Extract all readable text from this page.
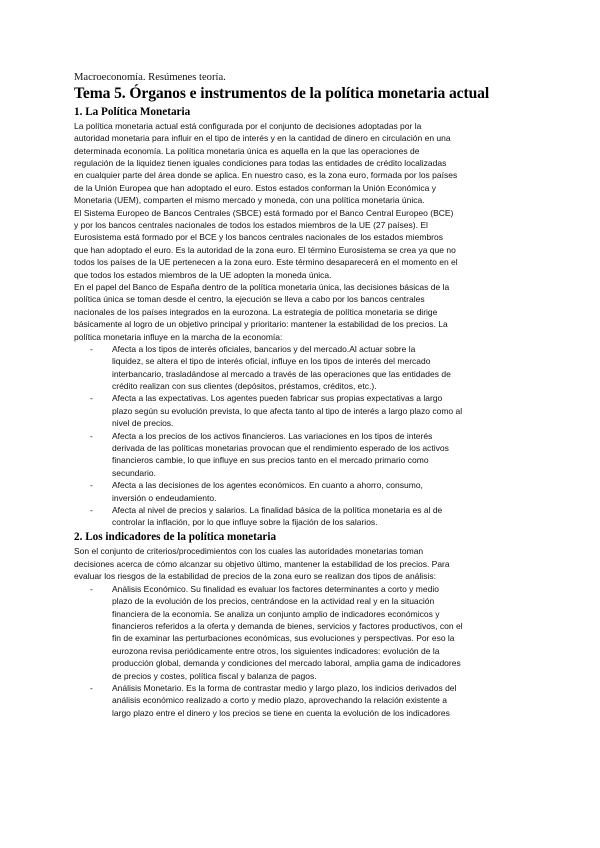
Macroeconomía. Resúmenes teoría.
Tema 5. Órganos e instrumentos de la política monetaria actual
1. La Política Monetaria
La política monetaria actual está configurada por el conjunto de decisiones adoptadas por la
autoridad monetaria para influir en el tipo de interés y en la cantidad de dinero en circulación en una
determinada economía. La política monetaria única es aquella en la que las operaciones de
regulación de la liquidez tienen iguales condiciones para todas las entidades de crédito localizadas
en cualquier parte del área donde se aplica. En nuestro caso, es la zona euro, formada por los países
de la Unión Europea que han adoptado el euro. Estos estados conforman la Unión Económica y
Monetaria (UEM), comparten el mismo mercado y moneda, con una política monetaria única.
El Sistema Europeo de Bancos Centrales (SBCE) está formado por el Banco Central Europeo (BCE)
y por los bancos centrales nacionales de todos los estados miembros de la UE (27 países). El
Eurosistema está formado por el BCE y los bancos centrales nacionales de los estados miembros
que han adoptado el euro. Es la autoridad de la zona euro. El término Eurosistema se crea ya que no
todos los países de la UE pertenecen a la zona euro. Este término desaparecerá en el momento en el
que todos los estados miembros de la UE adopten la moneda única.
En el papel del Banco de España dentro de la política monetaria única, las decisiones básicas de la
política única se toman desde el centro, la ejecución se lleva a cabo por los bancos centrales
nacionales de los países integrados en la eurozona. La estrategia de política monetaria se dirige
básicamente al logro de un objetivo principal y prioritario: mantener la estabilidad de los precios. La
política monetaria influye en la marcha de la economía:
- Afecta a los tipos de interés oficiales, bancarios y del mercado.Al actuar sobre la
liquidez, se altera el tipo de interés oficial, influye en los tipos de interés del mercado
interbancario, trasladándose al mercado a través de las operaciones que las entidades de
crédito realizan con sus clientes (depósitos, préstamos, créditos, etc.).
- Afecta a las expectativas. Los agentes pueden fabricar sus propias expectativas a largo
plazo según su evolución prevista, lo que afecta tanto al tipo de interés a largo plazo como al
nivel de precios.
- Afecta a los precios de los activos financieros. Las variaciones en los tipos de interés
derivada de las políticas monetarias provocan que el rendimiento esperado de los activos
financieros cambie, lo que influye en sus precios tanto en el mercado primario como
secundario.
- Afecta a las decisiones de los agentes económicos. En cuanto a ahorro, consumo,
inversión o endeudamiento.
- Afecta al nivel de precios y salarios. La finalidad básica de la política monetaria es al de
controlar la inflación, por lo que influye sobre la fijación de los salarios.
2. Los indicadores de la política monetaria
Son el conjunto de criterios/procedimientos con los cuales las autoridades monetarias toman
decisiones acerca de cómo alcanzar su objetivo último, mantener la estabilidad de los precios. Para
evaluar los riesgos de la estabilidad de precios de la zona euro se realizan dos tipos de análisis:
- Análisis Económico. Su finalidad es evaluar los factores determinantes a corto y medio
plazo de la evolución de los precios, centrándose en la actividad real y en la situación
financiera de la economía. Se analiza un conjunto amplio de indicadores económicos y
financieros referidos a la oferta y demanda de bienes, servicios y factores productivos, con el
fin de examinar las perturbaciones económicas, sus evoluciones y perspectivas. Por eso la
eurozona revisa periódicamente entre otros, los siguientes indicadores: evolución de la
producción global, demanda y condiciones del mercado laboral, amplia gama de indicadores
de precios y costes, política fiscal y balanza de pagos.
- Análisis Monetario. Es la forma de contrastar medio y largo plazo, los indicios derivados del
análisis económico realizado a corto y medio plazo, aprovechando la relación existente a
largo plazo entre el dinero y los precios se tiene en cuenta la evolución de los indicadores
